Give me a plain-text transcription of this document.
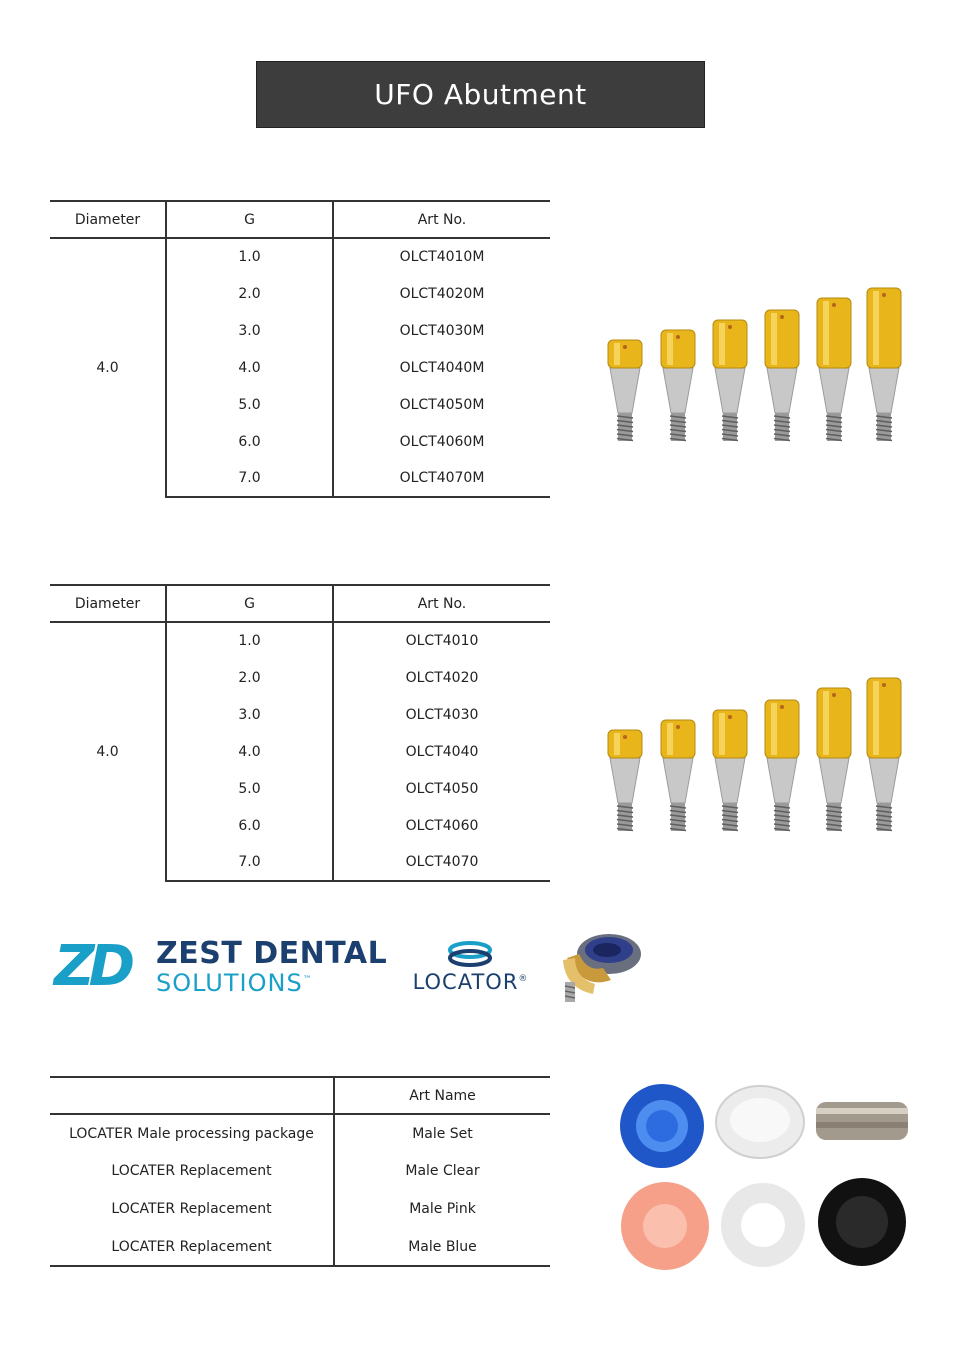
UFO Abutment
Diameter	G	Art No.
4.0	1.0	OLCT4010M
	2.0	OLCT4020M
	3.0	OLCT4030M
	4.0	OLCT4040M
	5.0	OLCT4050M
	6.0	OLCT4060M
	7.0	OLCT4070M
Diameter	G	Art No.
4.0	1.0	OLCT4010
	2.0	OLCT4020
	3.0	OLCT4030
	4.0	OLCT4040
	5.0	OLCT4050
	6.0	OLCT4060
	7.0	OLCT4070
ZD ZEST DENTAL
SOLUTIONS™	LOCATOR®
	Art Name
LOCATER Male processing package	Male Set
LOCATER Replacement	Male Clear
LOCATER Replacement	Male Pink
LOCATER Replacement	Male Blue
